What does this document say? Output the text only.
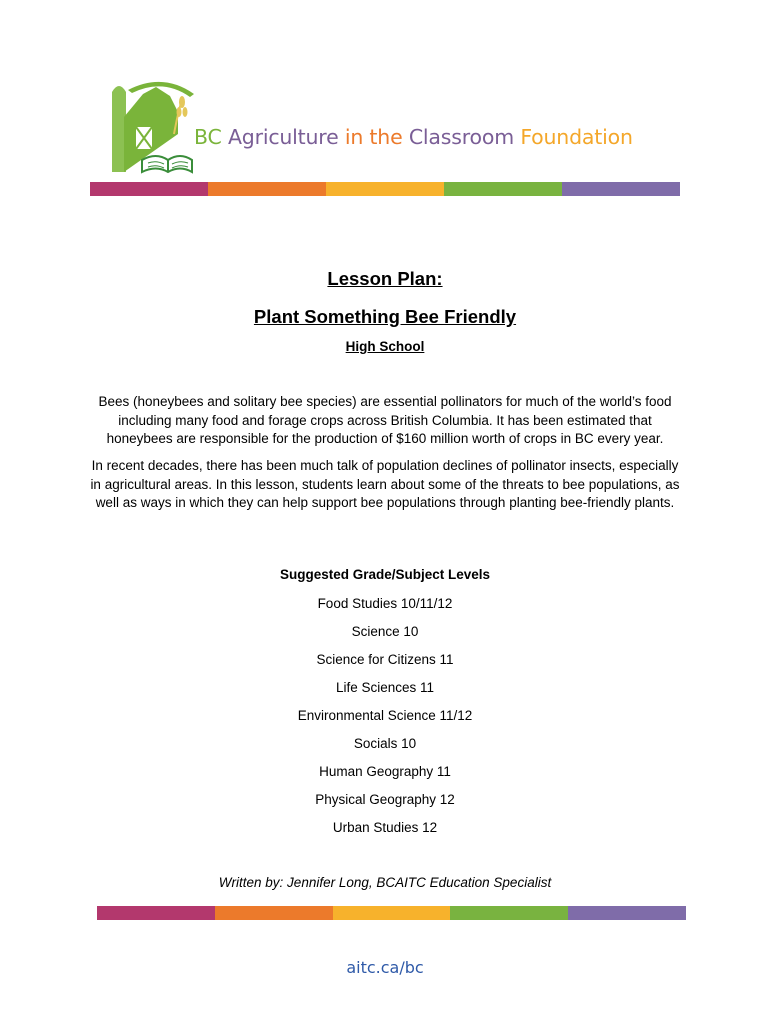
BC Agriculture in the Classroom Foundation
Lesson Plan:
Plant Something Bee Friendly
High School

Bees (honeybees and solitary bee species) are essential pollinators for much of the world’s food including many food and forage crops across British Columbia. It has been estimated that honeybees are responsible for the production of $160 million worth of crops in BC every year.

In recent decades, there has been much talk of population declines of pollinator insects, especially in agricultural areas. In this lesson, students learn about some of the threats to bee populations, as well as ways in which they can help support bee populations through planting bee-friendly plants.

Suggested Grade/Subject Levels
Food Studies 10/11/12
Science 10
Science for Citizens 11
Life Sciences 11
Environmental Science 11/12
Socials 10
Human Geography 11
Physical Geography 12
Urban Studies 12
Written by: Jennifer Long, BCAITC Education Specialist
aitc.ca/bc
